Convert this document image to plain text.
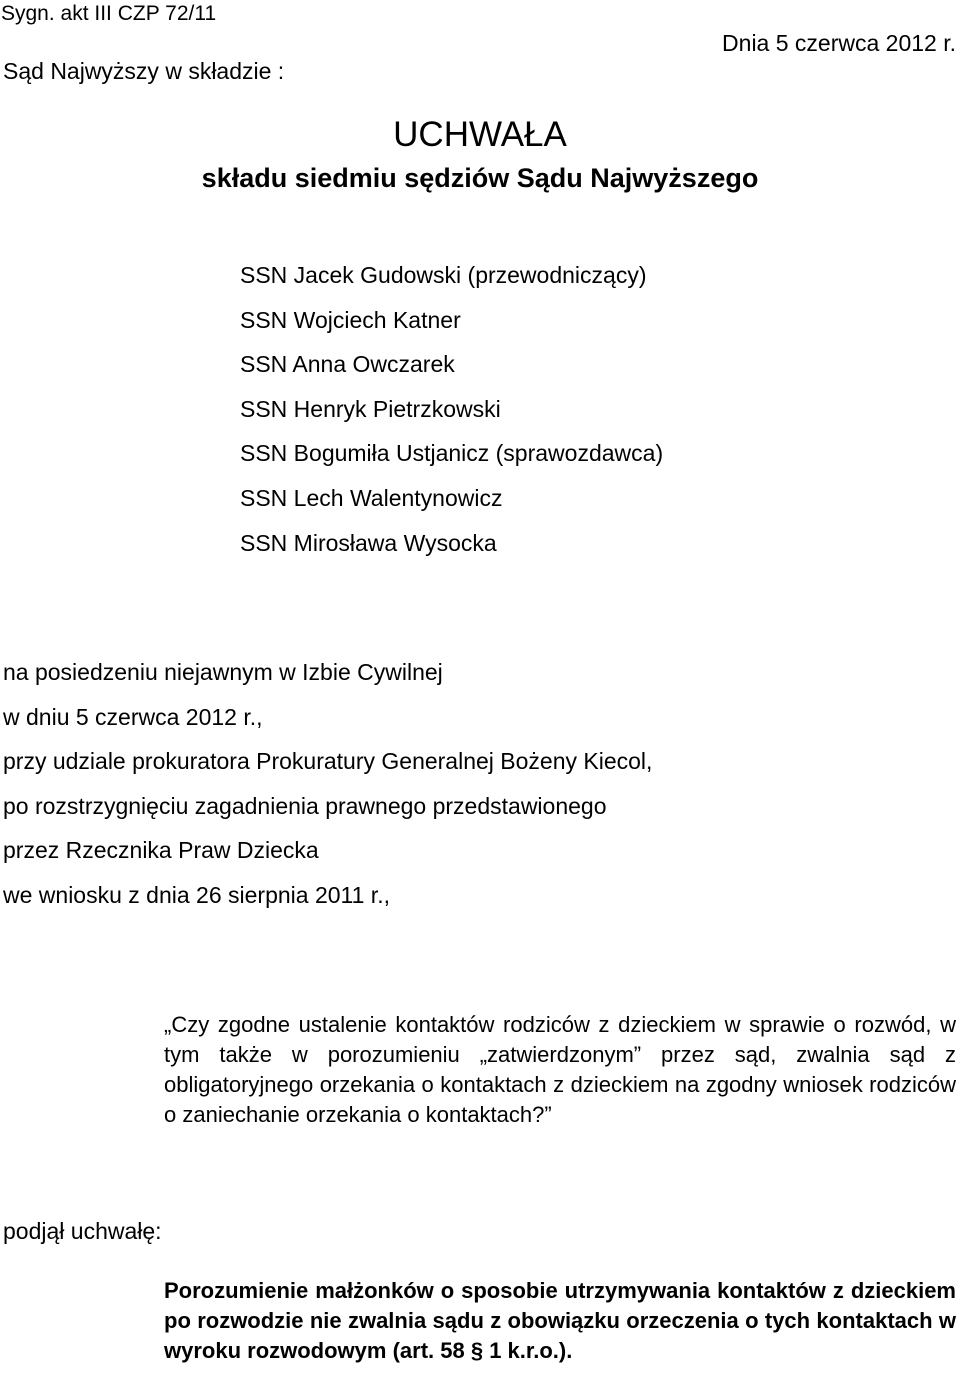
Sygn. akt III CZP 72/11
Dnia 5 czerwca 2012 r.
UCHWAŁA
składu siedmiu sędziów Sądu Najwyższego
Sąd Najwyższy w składzie :
SSN Jacek Gudowski (przewodniczący)
SSN Wojciech Katner
SSN Anna Owczarek
SSN Henryk Pietrzkowski
SSN Bogumiła Ustjanicz (sprawozdawca)
SSN Lech Walentynowicz
SSN Mirosława Wysocka
na posiedzeniu niejawnym w Izbie Cywilnej
w dniu 5 czerwca 2012 r.,
przy udziale prokuratora Prokuratury Generalnej Bożeny Kiecol,
po rozstrzygnięciu zagadnienia prawnego przedstawionego
przez Rzecznika Praw Dziecka
we wniosku z dnia 26 sierpnia 2011 r.,
„Czy zgodne ustalenie kontaktów rodziców z dzieckiem w sprawie o rozwód, w tym także w porozumieniu „zatwierdzonym” przez sąd, zwalnia sąd z obligatoryjnego orzekania o kontaktach z dzieckiem na zgodny wniosek rodziców o zaniechanie orzekania o kontaktach?”
podjął uchwałę:
Porozumienie małżonków o sposobie utrzymywania kontaktów z dzieckiem po rozwodzie nie zwalnia sądu z obowiązku orzeczenia o tych kontaktach w wyroku rozwodowym (art. 58 § 1 k.r.o.).
